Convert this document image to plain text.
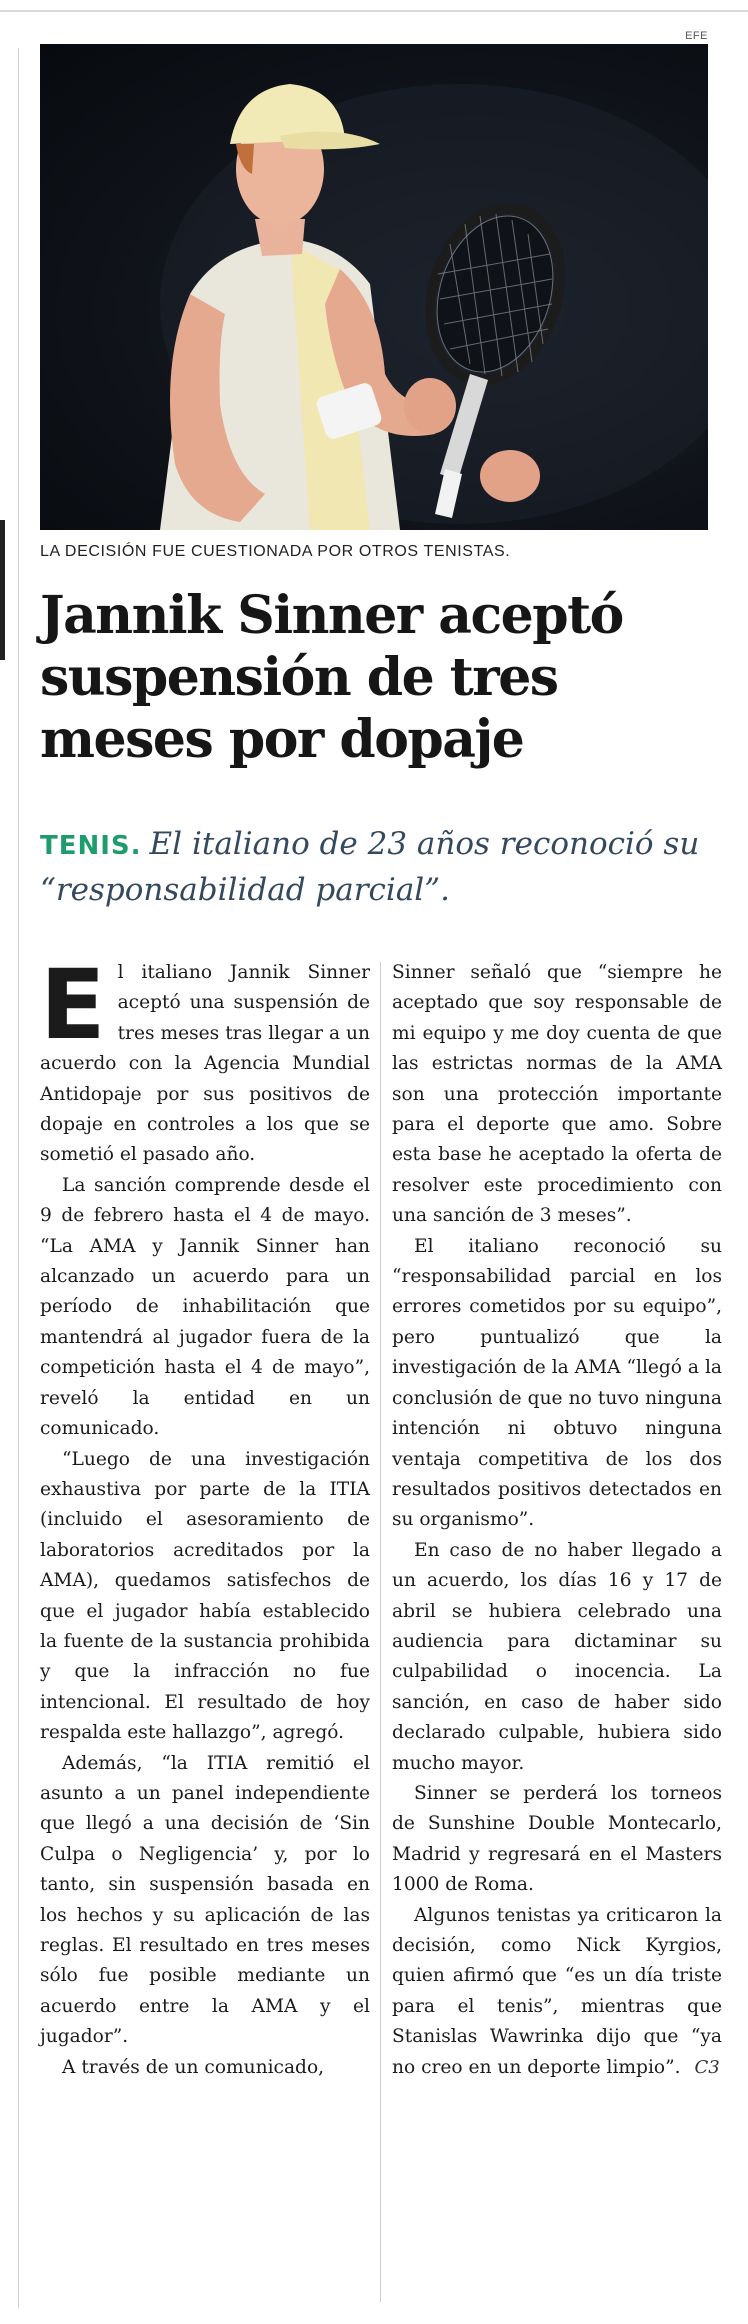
EFE
LA DECISIÓN FUE CUESTIONADA POR OTROS TENISTAS.
Jannik Sinner aceptó suspensión de tres meses por dopaje

TENIS. El italiano de 23 años reconoció su “responsabilidad parcial”.

E l italiano Jannik Sinner aceptó una suspensión de tres meses tras llegar a un acuerdo con la Agencia Mundial Antidopaje por sus positivos de dopaje en controles a los que se sometió el pasado año.

La sanción comprende desde el 9 de febrero hasta el 4 de mayo. “La AMA y Jannik Sinner han alcanzado un acuerdo para un período de inhabilitación que mantendrá al jugador fuera de la competición hasta el 4 de mayo”, reveló la entidad en un comunicado.

“Luego de una investigación exhaustiva por parte de la ITIA (incluido el asesoramiento de laboratorios acreditados por la AMA), quedamos satisfechos de que el jugador había establecido la fuente de la sustancia prohibida y que la infracción no fue intencional. El resultado de hoy respalda este hallazgo”, agregó.

Además, “la ITIA remitió el asunto a un panel independiente que llegó a una decisión de ‘Sin Culpa o Negligencia’ y, por lo tanto, sin suspensión basada en los hechos y su aplicación de las reglas. El resultado en tres meses sólo fue posible mediante un acuerdo entre la AMA y el jugador”.

A través de un comunicado,

Sinner señaló que “siempre he aceptado que soy responsable de mi equipo y me doy cuenta de que las estrictas normas de la AMA son una protección importante para el deporte que amo. Sobre esta base he aceptado la oferta de resolver este procedimiento con una sanción de 3 meses”.

El italiano reconoció su “responsabilidad parcial en los errores cometidos por su equipo”, pero puntualizó que la investigación de la AMA “llegó a la conclusión de que no tuvo ninguna intención ni obtuvo ninguna ventaja competitiva de los dos resultados positivos detectados en su organismo”.

En caso de no haber llegado a un acuerdo, los días 16 y 17 de abril se hubiera celebrado una audiencia para dictaminar su culpabilidad o inocencia. La sanción, en caso de haber sido declarado culpable, hubiera sido mucho mayor.

Sinner se perderá los torneos de Sunshine Double Montecarlo, Madrid y regresará en el Masters 1000 de Roma.

Algunos tenistas ya criticaron la decisión, como Nick Kyrgios, quien afirmó que “es un día triste para el tenis”, mientras que Stanislas Wawrinka dijo que “ya no creo en un deporte limpio”. C3
